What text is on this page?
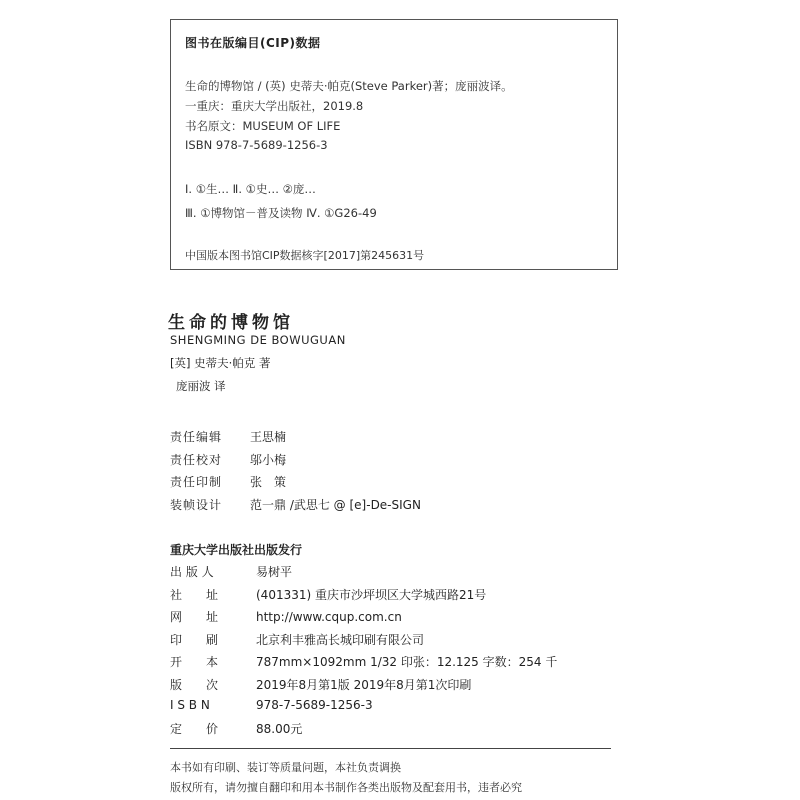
图书在版编目(CIP)数据
生命的博物馆 / (英) 史蒂夫·帕克(Steve Parker)著；庞丽波译。
一重庆：重庆大学出版社，2019.8
书名原文：MUSEUM OF LIFE
ISBN 978-7-5689-1256-3
Ⅰ. ①生… Ⅱ. ①史… ②庞…
Ⅲ. ①博物馆－普及读物 Ⅳ. ①G26-49
中国版本图书馆CIP数据核字[2017]第245631号
生命的博物馆
SHENGMING DE BOWUGUAN
[英] 史蒂夫·帕克 著
庞丽波 译
责任编辑 王思楠
责任校对 邬小梅
责任印制 张　策
装帧设计 范一鼎 /武思七 @ [e]-De-SIGN
重庆大学出版社出版发行
出 版 人	易树平
社　　址	(401331) 重庆市沙坪坝区大学城西路21号
网　　址	http://www.cqup.com.cn
印　　刷	北京利丰雅高长城印刷有限公司
开　　本	787mm×1092mm 1/32 印张：12.125 字数：254 千
版　　次	2019年8月第1版 2019年8月第1次印刷
I S B N	978-7-5689-1256-3
定　　价	88.00元
本书如有印刷、装订等质量问题，本社负责调换
版权所有，请勿擅自翻印和用本书制作各类出版物及配套用书，违者必究
